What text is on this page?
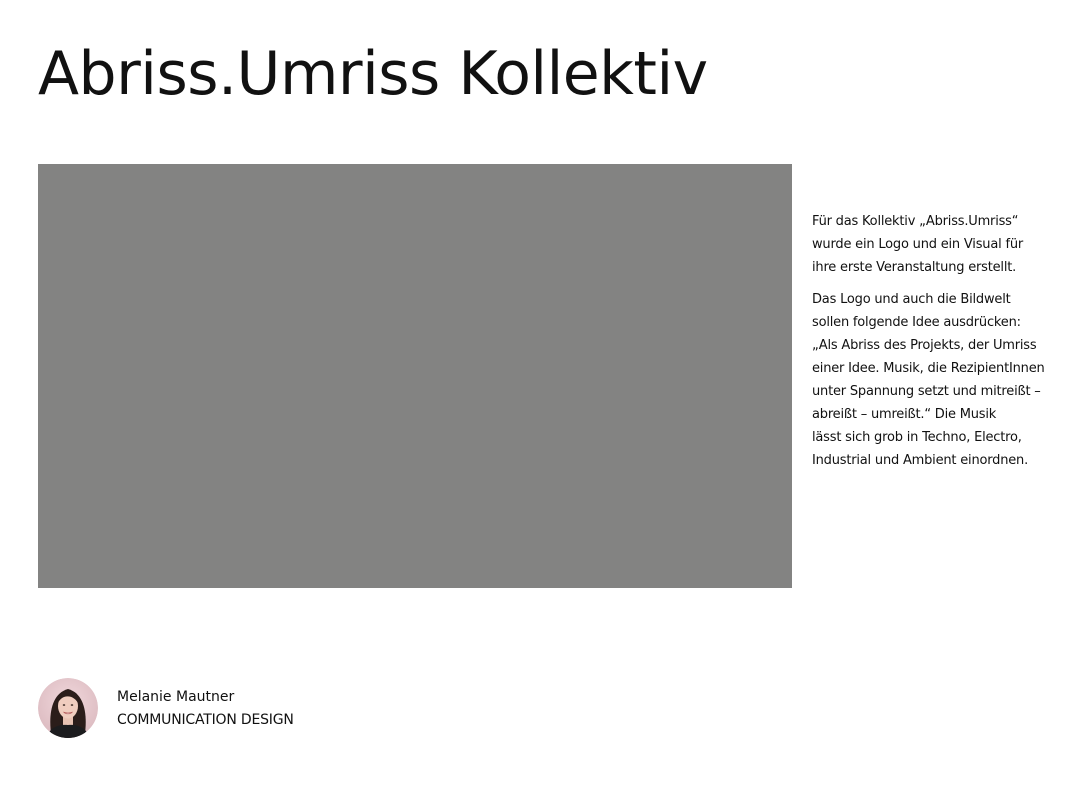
Abriss.Umriss Kollektiv

Für das Kollektiv „Abriss.Umriss“
wurde ein Logo und ein Visual für
ihre erste Veranstaltung erstellt.

Das Logo und auch die Bildwelt
sollen folgende Idee ausdrücken:
„Als Abriss des Projekts, der Umriss
einer Idee. Musik, die RezipientInnen
unter Spannung setzt und mitreißt –
abreißt – umreißt.“ Die Musik
lässt sich grob in Techno, Electro,
Industrial und Ambient einordnen.

Melanie Mautner
COMMUNICATION DESIGN
